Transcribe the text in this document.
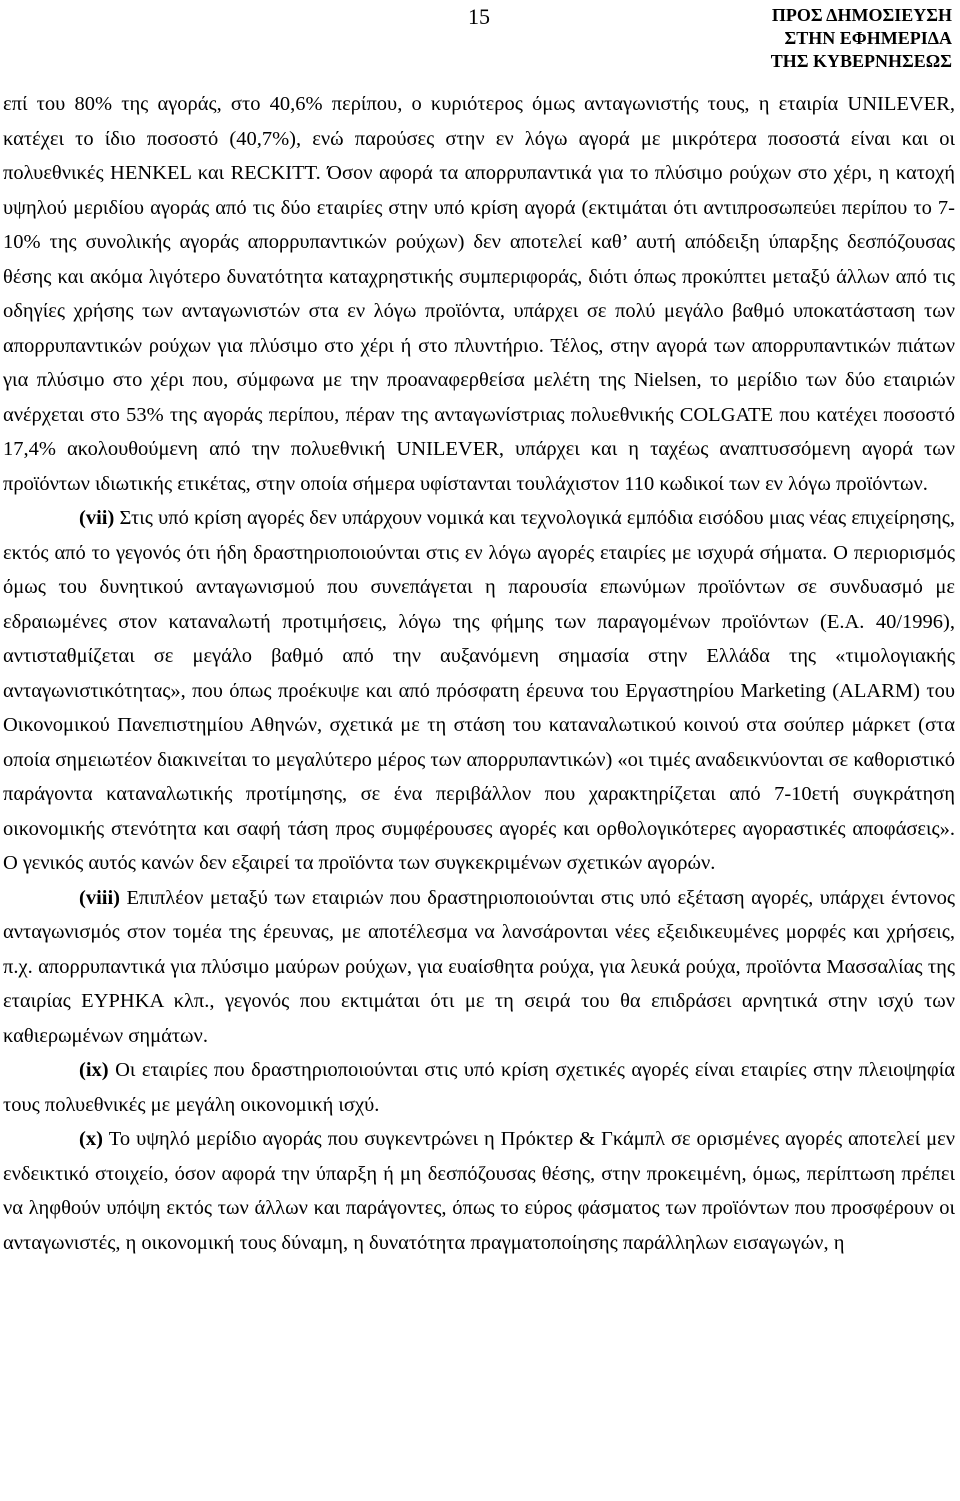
15	ΠΡΟΣ ΔΗΜΟΣΙΕΥΣΗ
ΣΤΗΝ ΕΦΗΜΕΡΙΔΑ
ΤΗΣ ΚΥΒΕΡΝΗΣΕΩΣ

επί του 80% της αγοράς, στο 40,6% περίπου, ο κυριότερος όμως ανταγωνιστής τους, η εταιρία UNILEVER, κατέχει το ίδιο ποσοστό (40,7%), ενώ παρούσες στην εν λόγω αγορά με μικρότερα ποσοστά είναι και οι πολυεθνικές HENKEL και RECKITT. Όσον αφορά τα απορρυπαντικά για το πλύσιμο ρούχων στο χέρι, η κατοχή υψηλού μεριδίου αγοράς από τις δύο εταιρίες στην υπό κρίση αγορά (εκτιμάται ότι αντιπροσωπεύει περίπου το 7-10% της συνολικής αγοράς απορρυπαντικών ρούχων) δεν αποτελεί καθ’ αυτή απόδειξη ύπαρξης δεσπόζουσας θέσης και ακόμα λιγότερο δυνατότητα καταχρηστικής συμπεριφοράς, διότι όπως προκύπτει μεταξύ άλλων από τις οδηγίες χρήσης των ανταγωνιστών στα εν λόγω προϊόντα, υπάρχει σε πολύ μεγάλο βαθμό υποκατάσταση των απορρυπαντικών ρούχων για πλύσιμο στο χέρι ή στο πλυντήριο. Τέλος, στην αγορά των απορρυπαντικών πιάτων για πλύσιμο στο χέρι που, σύμφωνα με την προαναφερθείσα μελέτη της Nielsen, το μερίδιο των δύο εταιριών ανέρχεται στο 53% της αγοράς περίπου, πέραν της ανταγωνίστριας πολυεθνικής COLGATE που κατέχει ποσοστό 17,4% ακολουθούμενη από την πολυεθνική UNILEVER, υπάρχει και η ταχέως αναπτυσσόμενη αγορά των προϊόντων ιδιωτικής ετικέτας, στην οποία σήμερα υφίστανται τουλάχιστον 110 κωδικοί των εν λόγω προϊόντων.

(vii) Στις υπό κρίση αγορές δεν υπάρχουν νομικά και τεχνολογικά εμπόδια εισόδου μιας νέας επιχείρησης, εκτός από το γεγονός ότι ήδη δραστηριοποιούνται στις εν λόγω αγορές εταιρίες με ισχυρά σήματα. Ο περιορισμός όμως του δυνητικού ανταγωνισμού που συνεπάγεται η παρουσία επωνύμων προϊόντων σε συνδυασμό με εδραιωμένες στον καταναλωτή προτιμήσεις, λόγω της φήμης των παραγομένων προϊόντων (Ε.Α. 40/1996), αντισταθμίζεται σε μεγάλο βαθμό από την αυξανόμενη σημασία στην Ελλάδα της «τιμολογιακής ανταγωνιστικότητας», που όπως προέκυψε και από πρόσφατη έρευνα του Εργαστηρίου Marketing (ALARM) του Οικονομικού Πανεπιστημίου Αθηνών, σχετικά με τη στάση του καταναλωτικού κοινού στα σούπερ μάρκετ (στα οποία σημειωτέον διακινείται το μεγαλύτερο μέρος των απορρυπαντικών) «οι τιμές αναδεικνύονται σε καθοριστικό παράγοντα καταναλωτικής προτίμησης, σε ένα περιβάλλον που χαρακτηρίζεται από 7-10ετή συγκράτηση οικονομικής στενότητα και σαφή τάση προς συμφέρουσες αγορές και ορθολογικότερες αγοραστικές αποφάσεις». Ο γενικός αυτός κανών δεν εξαιρεί τα προϊόντα των συγκεκριμένων σχετικών αγορών.

(viii) Επιπλέον μεταξύ των εταιριών που δραστηριοποιούνται στις υπό εξέταση αγορές, υπάρχει έντονος ανταγωνισμός στον τομέα της έρευνας, με αποτέλεσμα να λανσάρονται νέες εξειδικευμένες μορφές και χρήσεις, π.χ. απορρυπαντικά για πλύσιμο μαύρων ρούχων, για ευαίσθητα ρούχα, για λευκά ρούχα, προϊόντα Μασσαλίας της εταιρίας ΕΥΡΗΚΑ κλπ., γεγονός που εκτιμάται ότι με τη σειρά του θα επιδράσει αρνητικά στην ισχύ των καθιερωμένων σημάτων.

(ix) Οι εταιρίες που δραστηριοποιούνται στις υπό κρίση σχετικές αγορές είναι εταιρίες στην πλειοψηφία τους πολυεθνικές με μεγάλη οικονομική ισχύ.

(x) Το υψηλό μερίδιο αγοράς που συγκεντρώνει η Πρόκτερ & Γκάμπλ σε ορισμένες αγορές αποτελεί μεν ενδεικτικό στοιχείο, όσον αφορά την ύπαρξη ή μη δεσπόζουσας θέσης, στην προκειμένη, όμως, περίπτωση πρέπει να ληφθούν υπόψη εκτός των άλλων και παράγοντες, όπως το εύρος φάσματος των προϊόντων που προσφέρουν οι ανταγωνιστές, η οικονομική τους δύναμη, η δυνατότητα πραγματοποίησης παράλληλων εισαγωγών, η
